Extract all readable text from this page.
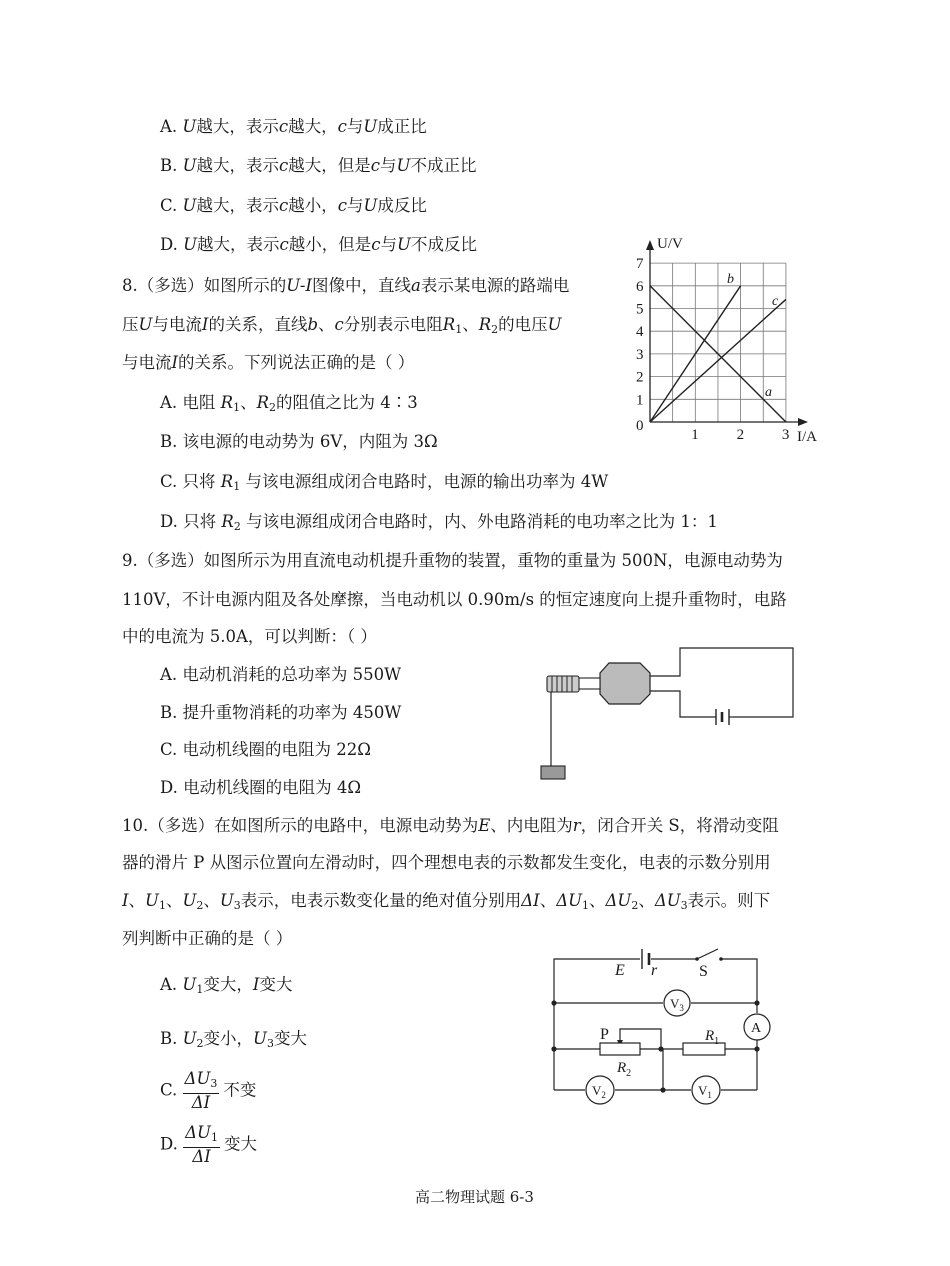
A. U越大，表示c越大，c与U成正比
B. U越大，表示c越大，但是c与U不成正比
C. U越大，表示c越小，c与U成反比
D. U越大，表示c越小，但是c与U不成反比
8.（多选）如图所示的U-I图像中，直线a表示某电源的路端电
压U与电流I的关系，直线b、c分别表示电阻$R_1$、$R_2$的电压U
与电流I的关系。下列说法正确的是（ ）
A. 电阻 $R_1$、$R_2$的阻值之比为 4∶3
B. 该电源的电动势为 6V，内阻为 3Ω
C. 只将 $R_1$ 与该电源组成闭合电路时，电源的输出功率为 4W
D. 只将 $R_2$ 与该电源组成闭合电路时，内、外电路消耗的电功率之比为 1：1
U/V
I/A
0
1
2
3
4
5
6
7
1	2	3
b
c
a
9.（多选）如图所示为用直流电动机提升重物的装置，重物的重量为 500N，电源电动势为
110V，不计电源内阻及各处摩擦，当电动机以 0.90m/s 的恒定速度向上提升重物时，电路
中的电流为 5.0A，可以判断：（ ）
A. 电动机消耗的总功率为 550W
B. 提升重物消耗的功率为 450W
C. 电动机线圈的电阻为 22Ω
D. 电动机线圈的电阻为 4Ω
10.（多选）在如图所示的电路中，电源电动势为E、内电阻为r，闭合开关 S，将滑动变阻
器的滑片 P 从图示位置向左滑动时，四个理想电表的示数都发生变化，电表的示数分别用
I、$U_1$、$U_2$、$U_3$表示，电表示数变化量的绝对值分别用ΔI、$\Delta U_1$、$\Delta U_2$、$\Delta U_3$表示。则下
列判断中正确的是（ ）
A. $U_1$变大，I变大
B. $U_2$变小，$U_3$变大
C. $\frac{\Delta U_3}{\Delta I}$ 不变
D. $\frac{\Delta U_1}{\Delta I}$ 变大
E r	S
P
$V_3$
A
$R_2$
$R_1$
$V_2$	$V_1$
高二物理试题 6-3
